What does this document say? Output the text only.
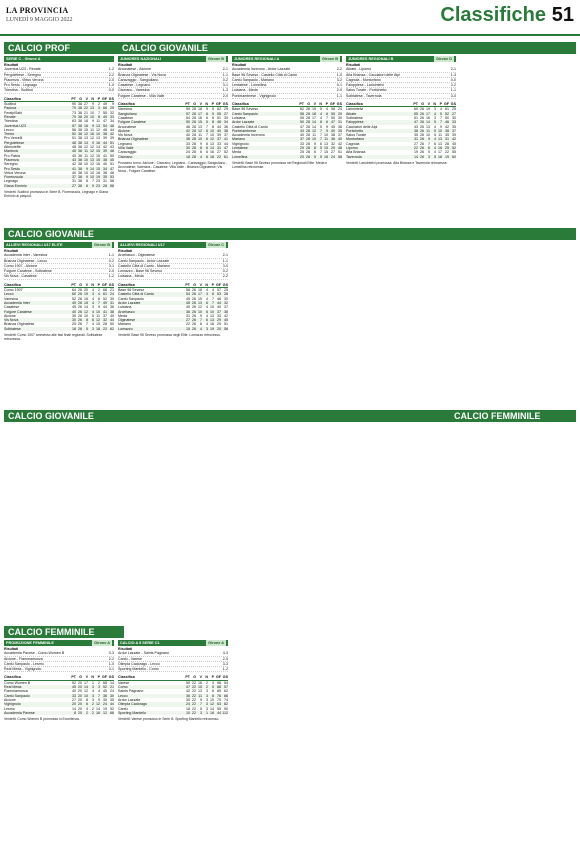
LA PROVINCIA
LUNEDÌ 9 MAGGIO 2022	Classifiche 51
CALCIO PROF	CALCIO GIOVANILE
CALCIO GIOVANILE
CALCIO GIOVANILE	CALCIO FEMMINILE
CALCIO FEMMINILE
SERIE C - Girone A
Risultati
Juventus U23 - Renate	1-2
Pergolettese - Seregno	2-2
Piacenza - Virtus Verona	2-0
Pro Sesto - Legnago	1-0
Triestina - Sudtirol	0-0
Classifica	PT G V N P GF GS
Sudtirol	90 38 27	9	2 49	9
Padova	79 38 22 13	3 66 29
FeralpiSalò	73 38 21 10	7 55 32
Renate	70 38 20 10	8 49 33
Triestina	63 38 18	9 11 47 34
Juventus U23	57 38 16	9 13 54 48
Lecco	56 38 15 11 12 48 44
Trento	52 38 12 16 10 38 42
Pro Vercelli	51 38 13 12 13 39 39
Pergolettese	48 38 13	9 16 44 51
Albinoleffe	48 38 12 12 14 42 43
Mantova	45 38 11 12 15 39 48
Pro Patria	45 38 11 12 15 41 50
Piacenza	43 38 10 13 15 38 45
Seregno	42 38 10 12 16 40 51
Pro Sesto	41 38	9 14 15 34 47
Virtus Verona	40 38 10 10 18 36 48
Fiorenzuola	37 38	9 10 19 35 53
Legnago	31 38	8	7 23 31 56
Giana Erminio	27 38	6	9 23 28 58
Verdetti: Sudtirol promosso in Serie B. Fiorenzuola, Legnago e Giana Erminio ai playout.
JUNIORES NAZIONALI	Girone B
Risultati
Arconatese - Alcione	2-1
Brianza Olginatese - Vis Nova	1-1
Caravaggio - Sangiuliano	0-2
Casatese - Legnano	3-1
Ciserano - Varesina	1-3
Folgore Caratese - Villa Valle	2-0
Classifica	PT G V N P GF GS
Varesina	59 28 18	5	5 62 29
Sangiuliano	57 28 17	6	5 55 27
Casatese	54 28 16	6	6 51 30
Folgore Caratese	50 28 15	5	8 48 34
Arconatese	46 28 13	7	8 44 36
Alcione	42 28 12	6 10 40 38
Vis Nova	40 28 11	7 10 39 37
Brianza Olginatese	36 28 10	6 12 37 41
Legnano	33 28	9	6 13 33 44
Villa Valle	30 28	8	6 14 31 47
Caravaggio	24 28	6	6 16 27 52
Ciserano	18 28	4	6 18 22 61
Prossimo turno: Alcione - Ciserano; Legnano - Caravaggio; Sangiuliano - Arconatese; Varesina - Casatese; Villa Valle - Brianza Olginatese; Vis Nova - Folgore Caratese.
JUNIORES REGIONALI A	Girone B
Risultati
Accademia Inveruno - Ardor Lazzate	2-2
Base 96 Seveso - Castello Città di Cantù	1-0
Cantù Sanpaolo - Mariano	3-2
Lentatese - Lomellina	0-1
Luisiana - Meda	2-0
Pontelambrese - Vighignolo	1-1
Classifica	PT G V N P GF GS
Base 96 Seveso	62 28 19	5	4 58 24
Cantù Sanpaolo	58 28 18	4	6 55 29
Luisiana	55 28 17	4	7 50 30
Ardor Lazzate	50 28 14	8	6 47 31
Castello Città di Cantù	47 28 14	5	9 45 36
Pontelambrese	43 28 12	7	9 40 35
Accademia Inveruno	40 28 11	7 10 38 37
Mariano	37 28 10	7 11 36 40
Vighignolo	33 28	9	6 13 32 42
Lentatese	29 28	8	5 15 29 48
Meda	25 28	6	7 15 27 51
Lomellina	20 28	5	5 18 24 58
Verdetti: Base 96 Seveso promossa nei Regionali Elite. Meda e Lomellina retrocesse.
JUNIORES REGIONALI B	Girone D
Risultati
Albate - Lipomo	2-1
Alta Brianza - Cacciatori delle Alpi	1-3
Cagnola - Montorfano	0-0
Faloppiese - Lariointelvi	2-2
Salus Turate - Portichetto	1-1
Solbiatese - Tavernola	3-0
Classifica	PT G V N P GF GS
Lariointelvi	60 26 19	3	4 61 25
Albate	55 26 17	4	5 52 27
Solbiatese	51 26 16	3	7 50 30
Faloppiese	47 26 14	5	7 46 33
Cacciatori delle Alpi	43 26 13	4	9 42 35
Portichetto	38 26 11	5 10 38 37
Salus Turate	35 26 10	5 11 35 39
Montorfano	31 26	9	4 13 31 42
Cagnola	27 26	7	6 13 28 45
Lipomo	22 26	6	4 16 25 52
Alta Brianza	19 26	5	4 17 22 55
Tavernola	14 26	3	5 18 19 60
Verdetti: Lariointelvi promossa. Alta Brianza e Tavernola retrocesse.
ALLIEVI REGIONALI U17 ELITE	Girone B
Risultati
Accademia Inter - Varesina	1-1
Brianza Olginatese - Lecco	0-2
Como 1907 - Alcione	3-1
Folgore Caratese - Solbiatese	2-0
Vis Nova - Casatese	1-2
Classifica	PT G V N P GF GS
Como 1907	64 26 20	4	2 68 21
Lecco	60 26 19	3	4 61 24
Varesina	52 26 16	4	6 52 30
Accademia Inter	49 26 15	4	7 49 31
Casatese	45 26 14	3	9 44 36
Folgore Caratese	40 26 12	4 10 41 38
Alcione	35 26 10	5 11 37 40
Vis Nova	30 26	8	6 12 32 44
Brianza Olginatese	25 26	7	4 15 28 50
Solbiatese	18 26	5	3 18 22 62
Verdetti: Como 1907 ammesso alle fasi finali regionali. Solbiatese retrocessa.
ALLIEVI REGIONALI U17	Girone C
Risultati
Arcellasco - Olginatese	2-1
Cantù Sanpaolo - Ardor Lazzate	1-1
Castello Città di Cantù - Mariano	3-0
Lomazzo - Base 96 Seveso	0-2
Luisiana - Meda	2-2
Classifica	PT G V N P GF GS
Base 96 Seveso	58 26 18	4	4 57 25
Castello Città di Cantù	54 26 17	3	6 53 28
Cantù Sanpaolo	49 26 15	4	7 48 30
Ardor Lazzate	45 26 13	6	7 44 32
Luisiana	40 26 12	4 10 40 37
Arcellasco	36 26 10	6 10 37 38
Meda	31 26	9	4 13 33 42
Olginatese	27 26	7	6 13 29 45
Mariano	22 26	6	4 16 25 51
Lomazzo	15 26	4	3 19 20 58
Verdetti: Base 96 Seveso promossa negli Elite. Lomazzo retrocesso.
PROMOZIONE FEMMINILE	Girone A
Risultati
Accademia Pavese - Como Women B	0-3
Alcione - Fiammamonza	2-2
Cantù Sanpaolo - Lesmo	1-0
Real Meda - Vighignolo	3-1
Classifica	PT G V N P GF GS
Como Women B	52 20 17	1	2 68 14
Real Meda	45 20 14	3	3 52 21
Fiammamonza	40 20 12	4	4 45 24
Cantù Sanpaolo	33 20 10	3	7 36 30
Alcione	27 20	8	3	9 30 35
Vighignolo	20 20	6	2 12 24 44
Lesmo	14 20	4	2 14 19 52
Accademia Pavese	8 20	2	2 16 12 66
Verdetti: Como Women B promossa in Eccellenza.
CALCIO A 5 SERIE C1	Girone A
Risultati
Ardor Lazzate - Saints Pagnano	4-3
Cantù - Varese	2-5
Olimpia Cadorago - Lecco	3-3
Sporting Mantello - Como	1-2
Classifica	PT G V N P GF GS
Varese	50 22 16	2	4 98 54
Como	47 22 15	2	5 88 57
Saints Pagnano	42 22 13	3	6 85 62
Lecco	36 22 11	3	8 76 68
Ardor Lazzate	30 22	9	3 10 70 74
Olimpia Cadorago	24 22	7	3 12 63 82
Cantù	18 22	5	3 14 55 90
Sporting Mantello	10 22	3	1 18 44 112
Verdetti: Varese promosso in Serie B. Sporting Mantello retrocesso.
